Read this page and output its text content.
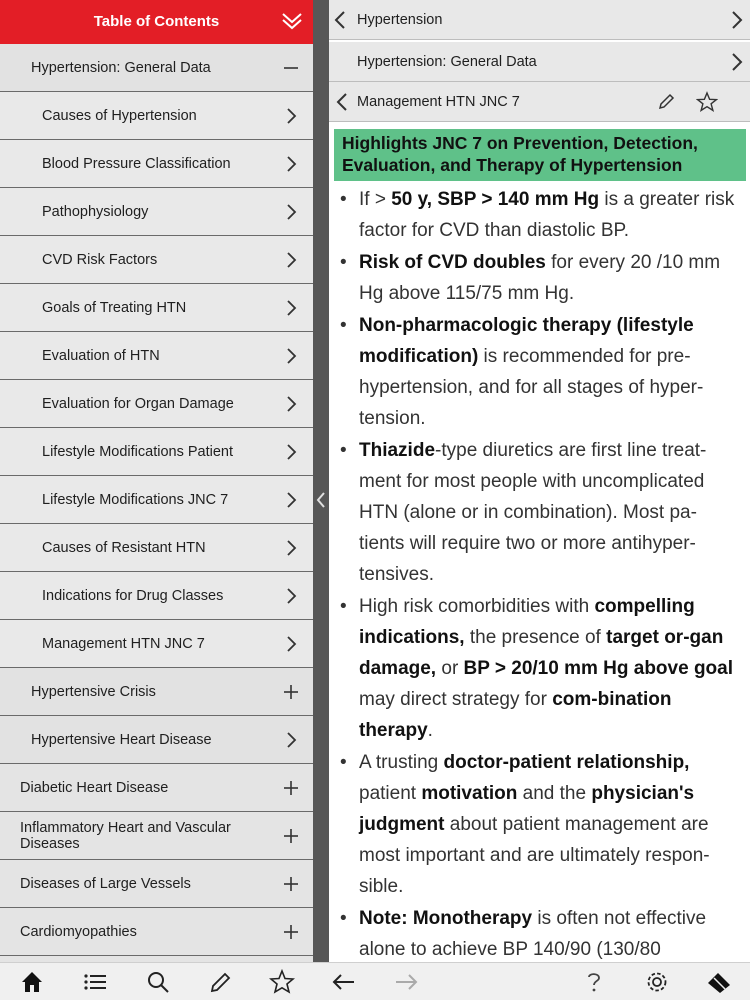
Table of Contents
Hypertension: General Data
Causes of Hypertension
Blood Pressure Classification
Pathophysiology
CVD Risk Factors
Goals of Treating HTN
Evaluation of HTN
Evaluation for Organ Damage
Lifestyle Modifications Patient
Lifestyle Modifications JNC 7
Causes of Resistant HTN
Indications for Drug Classes
Management HTN JNC 7
Hypertensive Crisis
Hypertensive Heart Disease
Diabetic Heart Disease
Inflammatory Heart and Vascular Diseases
Diseases of Large Vessels
Cardiomyopathies
Hypertension
Hypertension: General Data
Management HTN JNC 7
Highlights JNC 7 on Prevention, Detection, Evaluation, and Therapy of Hypertension
• If > 50 y, SBP > 140 mm Hg is a greater risk factor for CVD than diastolic BP.
• Risk of CVD doubles for every 20 /10 mm Hg above 115/75 mm Hg.
• Non-pharmacologic therapy (lifestyle modification) is recommended for pre-hypertension, and for all stages of hyper-tension.
• Thiazide-type diuretics are first line treat-ment for most people with uncomplicated HTN (alone or in combination). Most pa-tients will require two or more antihyper-tensives.
• High risk comorbidities with compelling indications, the presence of target or-gan damage, or BP > 20/10 mm Hg above goal may direct strategy for com-bination therapy.
• A trusting doctor-patient relationship, patient motivation and the physician's judgment about patient management are most important and are ultimately respon-sible.
• Note: Monotherapy is often not effective alone to achieve BP 140/90 (130/80
